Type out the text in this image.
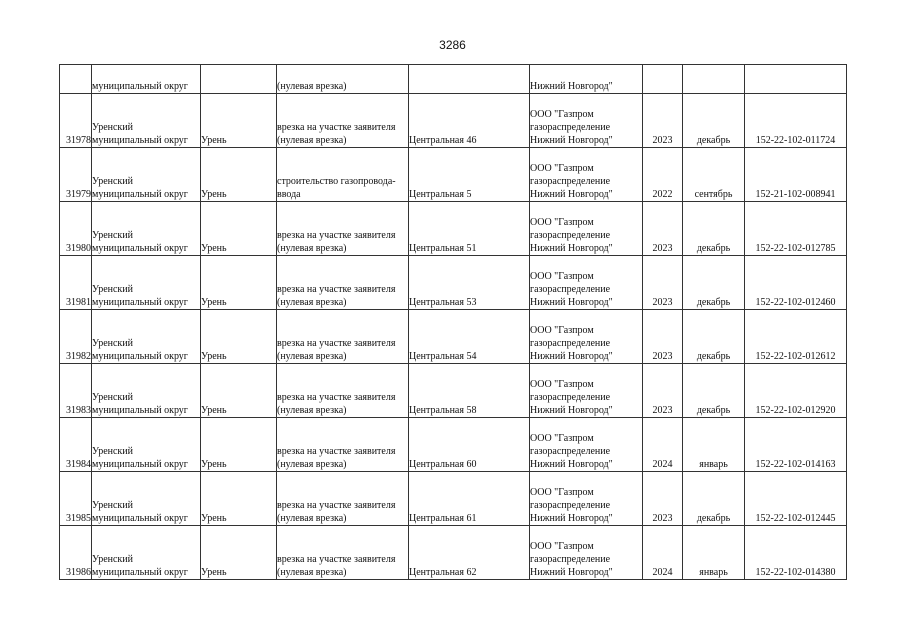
3286
	муниципальный округ		(нулевая врезка)		Нижний Новгород"			

31978	Уренский
муниципальный округ	Урень	врезка на участке заявителя
(нулевая врезка)	Центральная 46	ООО "Газпром
газораспределение
Нижний Новгород"	2023	декабрь	152-22-102-011724
31979	Уренский
муниципальный округ	Урень	строительство газопровода-
ввода	Центральная 5	ООО "Газпром
газораспределение
Нижний Новгород"	2022	сентябрь	152-21-102-008941
31980	Уренский
муниципальный округ	Урень	врезка на участке заявителя
(нулевая врезка)	Центральная 51	ООО "Газпром
газораспределение
Нижний Новгород"	2023	декабрь	152-22-102-012785
31981	Уренский
муниципальный округ	Урень	врезка на участке заявителя
(нулевая врезка)	Центральная 53	ООО "Газпром
газораспределение
Нижний Новгород"	2023	декабрь	152-22-102-012460
31982	Уренский
муниципальный округ	Урень	врезка на участке заявителя
(нулевая врезка)	Центральная 54	ООО "Газпром
газораспределение
Нижний Новгород"	2023	декабрь	152-22-102-012612
31983	Уренский
муниципальный округ	Урень	врезка на участке заявителя
(нулевая врезка)	Центральная 58	ООО "Газпром
газораспределение
Нижний Новгород"	2023	декабрь	152-22-102-012920
31984	Уренский
муниципальный округ	Урень	врезка на участке заявителя
(нулевая врезка)	Центральная 60	ООО "Газпром
газораспределение
Нижний Новгород"	2024	январь	152-22-102-014163
31985	Уренский
муниципальный округ	Урень	врезка на участке заявителя
(нулевая врезка)	Центральная 61	ООО "Газпром
газораспределение
Нижний Новгород"	2023	декабрь	152-22-102-012445
31986	Уренский
муниципальный округ	Урень	врезка на участке заявителя
(нулевая врезка)	Центральная 62	ООО "Газпром
газораспределение
Нижний Новгород"	2024	январь	152-22-102-014380
